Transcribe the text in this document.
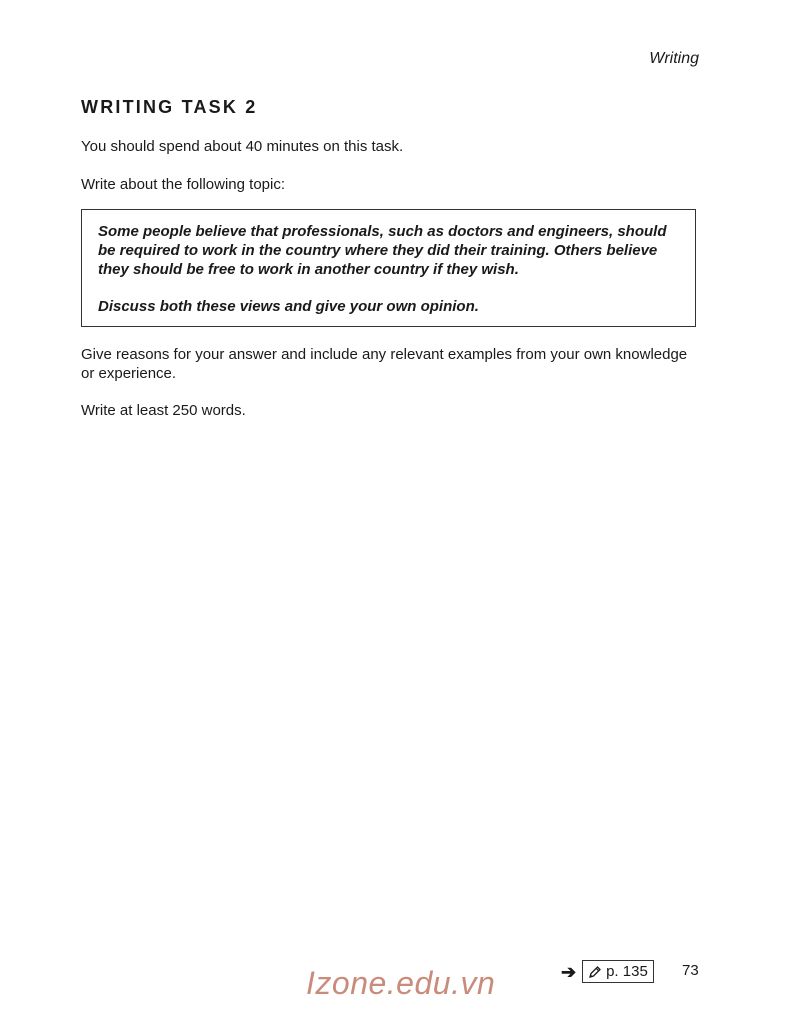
Writing
WRITING TASK 2
You should spend about 40 minutes on this task.
Write about the following topic:
Some people believe that professionals, such as doctors and engineers, should be required to work in the country where they did their training. Others believe they should be free to work in another country if they wish.
Discuss both these views and give your own opinion.
Give reasons for your answer and include any relevant examples from your own knowledge or experience.
Write at least 250 words.
➔ p. 135 73
Izone.edu.vn
